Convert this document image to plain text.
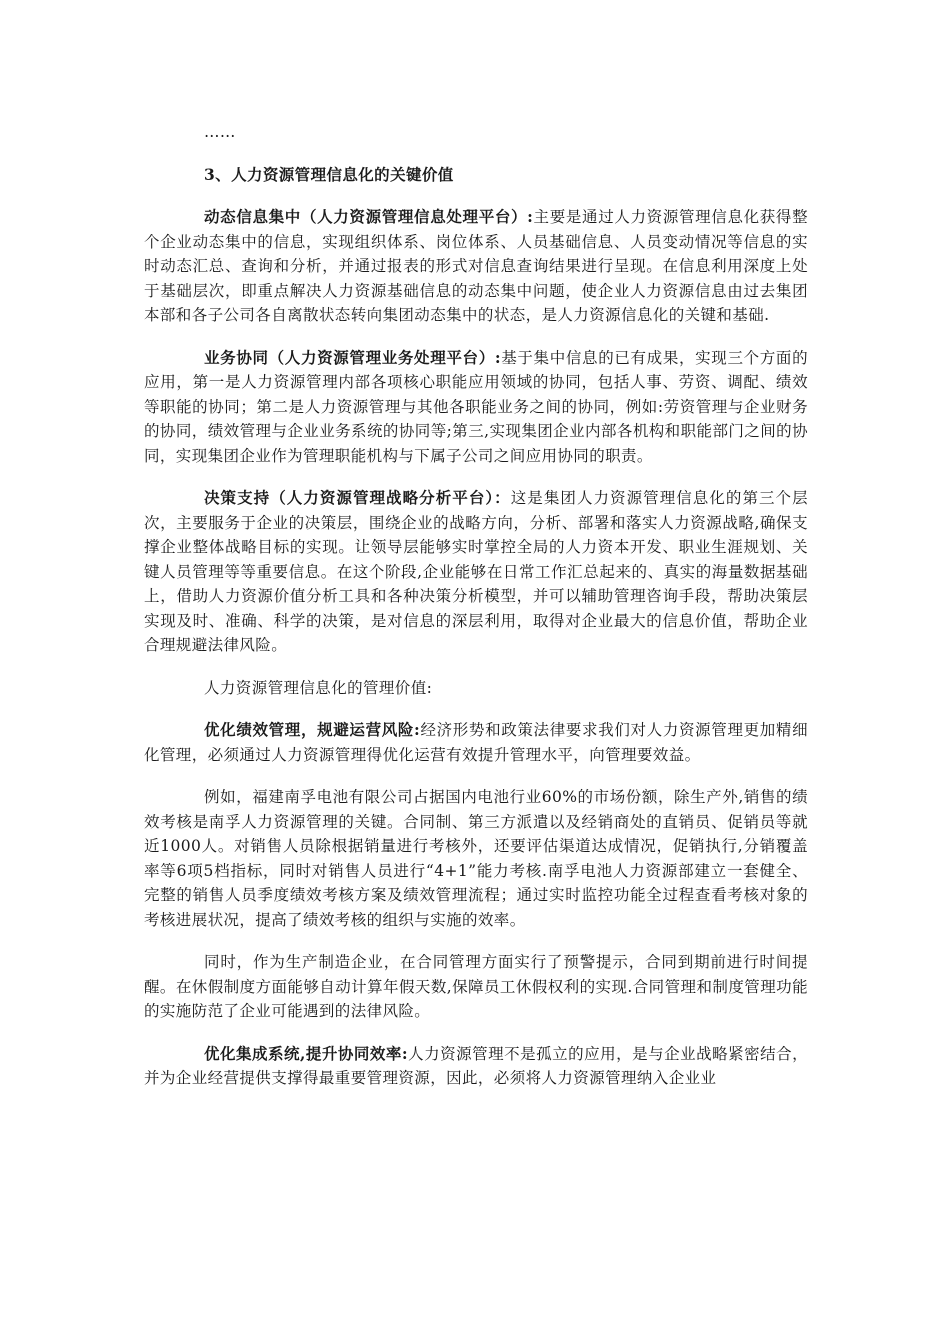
……

3、人力资源管理信息化的关键价值

动态信息集中（人力资源管理信息处理平台）:主要是通过人力资源管理信息化获得整个企业动态集中的信息，实现组织体系、岗位体系、人员基础信息、人员变动情况等信息的实时动态汇总、查询和分析，并通过报表的形式对信息查询结果进行呈现。在信息利用深度上处于基础层次，即重点解决人力资源基础信息的动态集中问题，使企业人力资源信息由过去集团本部和各子公司各自离散状态转向集团动态集中的状态，是人力资源信息化的关键和基础.

业务协同（人力资源管理业务处理平台）:基于集中信息的已有成果，实现三个方面的应用，第一是人力资源管理内部各项核心职能应用领域的协同，包括人事、劳资、调配、绩效等职能的协同；第二是人力资源管理与其他各职能业务之间的协同，例如:劳资管理与企业财务的协同，绩效管理与企业业务系统的协同等;第三,实现集团企业内部各机构和职能部门之间的协同，实现集团企业作为管理职能机构与下属子公司之间应用协同的职责。

决策支持（人力资源管理战略分析平台）：这是集团人力资源管理信息化的第三个层次，主要服务于企业的决策层，围绕企业的战略方向，分析、部署和落实人力资源战略,确保支撑企业整体战略目标的实现。让领导层能够实时掌控全局的人力资本开发、职业生涯规划、关键人员管理等等重要信息。在这个阶段,企业能够在日常工作汇总起来的、真实的海量数据基础上，借助人力资源价值分析工具和各种决策分析模型，并可以辅助管理咨询手段，帮助决策层实现及时、准确、科学的决策，是对信息的深层利用，取得对企业最大的信息价值，帮助企业合理规避法律风险。

人力资源管理信息化的管理价值:

优化绩效管理，规避运营风险:经济形势和政策法律要求我们对人力资源管理更加精细化管理，必须通过人力资源管理得优化运营有效提升管理水平，向管理要效益。

例如，福建南孚电池有限公司占据国内电池行业60%的市场份额，除生产外,销售的绩效考核是南孚人力资源管理的关键。合同制、第三方派遣以及经销商处的直销员、促销员等就近1000人。对销售人员除根据销量进行考核外，还要评估渠道达成情况，促销执行,分销覆盖率等6项5档指标，同时对销售人员进行“4+1”能力考核.南孚电池人力资源部建立一套健全、完整的销售人员季度绩效考核方案及绩效管理流程；通过实时监控功能全过程查看考核对象的考核进展状况，提高了绩效考核的组织与实施的效率。

同时，作为生产制造企业，在合同管理方面实行了预警提示，合同到期前进行时间提醒。在休假制度方面能够自动计算年假天数,保障员工休假权利的实现.合同管理和制度管理功能的实施防范了企业可能遇到的法律风险。

优化集成系统,提升协同效率:人力资源管理不是孤立的应用，是与企业战略紧密结合，并为企业经营提供支撑得最重要管理资源，因此，必须将人力资源管理纳入企业业
